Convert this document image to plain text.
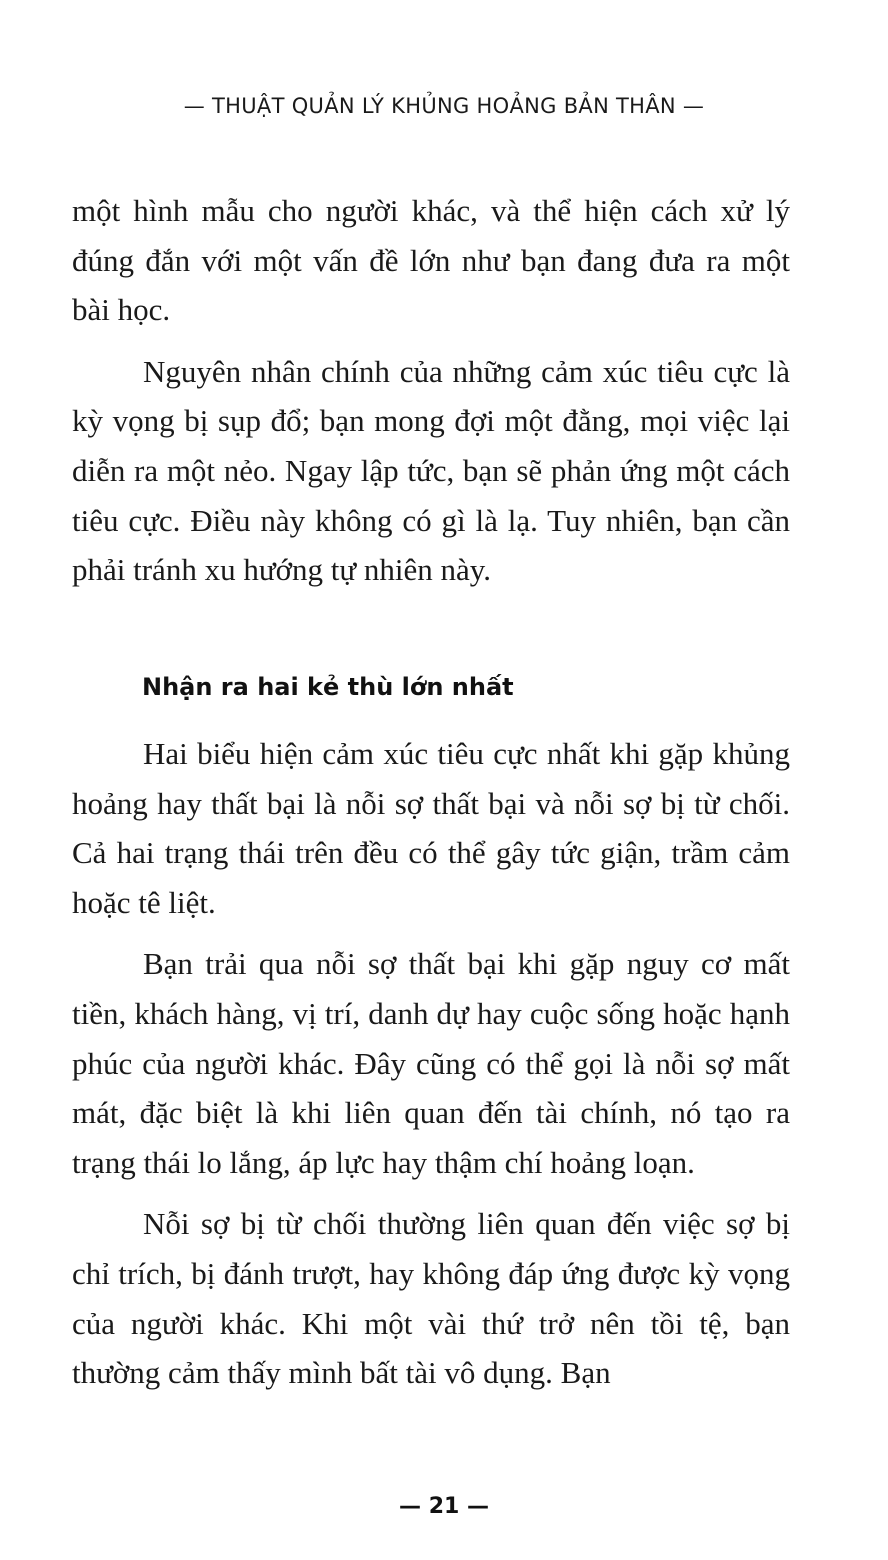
— THUẬT QUẢN LÝ KHỦNG HOẢNG BẢN THÂN —

một hình mẫu cho người khác, và thể hiện cách xử lý đúng đắn với một vấn đề lớn như bạn đang đưa ra một bài học.

Nguyên nhân chính của những cảm xúc tiêu cực là kỳ vọng bị sụp đổ; bạn mong đợi một đằng, mọi việc lại diễn ra một nẻo. Ngay lập tức, bạn sẽ phản ứng một cách tiêu cực. Điều này không có gì là lạ. Tuy nhiên, bạn cần phải tránh xu hướng tự nhiên này.

Nhận ra hai kẻ thù lớn nhất

Hai biểu hiện cảm xúc tiêu cực nhất khi gặp khủng hoảng hay thất bại là nỗi sợ thất bại và nỗi sợ bị từ chối. Cả hai trạng thái trên đều có thể gây tức giận, trầm cảm hoặc tê liệt.

Bạn trải qua nỗi sợ thất bại khi gặp nguy cơ mất tiền, khách hàng, vị trí, danh dự hay cuộc sống hoặc hạnh phúc của người khác. Đây cũng có thể gọi là nỗi sợ mất mát, đặc biệt là khi liên quan đến tài chính, nó tạo ra trạng thái lo lắng, áp lực hay thậm chí hoảng loạn.

Nỗi sợ bị từ chối thường liên quan đến việc sợ bị chỉ trích, bị đánh trượt, hay không đáp ứng được kỳ vọng của người khác. Khi một vài thứ trở nên tồi tệ, bạn thường cảm thấy mình bất tài vô dụng. Bạn

— 21 —
